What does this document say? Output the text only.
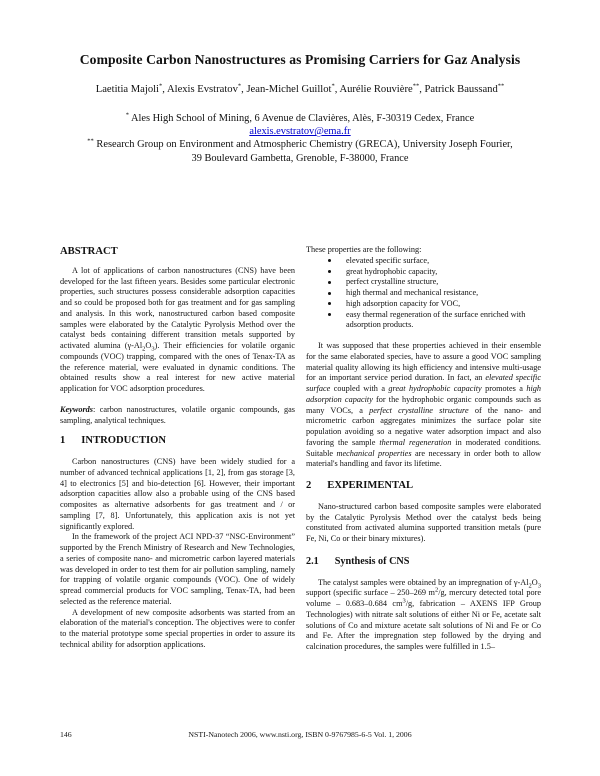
Composite Carbon Nanostructures as Promising Carriers for Gaz Analysis
Laetitia Majoli*, Alexis Evstratov*, Jean-Michel Guillot*, Aurélie Rouvière**, Patrick Baussand**
* Ales High School of Mining, 6 Avenue de Clavières, Alès, F-30319 Cedex, France
alexis.evstratov@ema.fr
** Research Group on Environment and Atmospheric Chemistry (GRECA), University Joseph Fourier,
39 Boulevard Gambetta, Grenoble, F-38000, France

ABSTRACT

A lot of applications of carbon nanostructures (CNS) have been developed for the last fifteen years. Besides some particular electronic properties, such structures possess considerable adsorption capacities and so could be proposed both for gas treatment and for gas sampling and analysis. In this work, nanostructured carbon based composite samples were elaborated by the Catalytic Pyrolysis Method over the catalyst beds containing different transition metals supported by activated alumina $(\gamma-Al_2O_3)$. Their efficiencies for volatile organic compounds (VOC) trapping, compared with the ones of Tenax-TA as the reference material, were evaluated in dynamic conditions. The obtained results show a real interest for new active material application for VOC adsorption procedures.

Keywords: carbon nanostructures, volatile organic compounds, gas sampling, analytical techniques.

1 INTRODUCTION

Carbon nanostructures (CNS) have been widely studied for a number of advanced technical applications [1, 2], from gas storage [3, 4] to electronics [5] and bio-detection [6]. However, their important adsorption capacities allow also a probable using of the CNS based composites as alternative adsorbents for gas treatment and / or sampling [7, 8]. Unfortunately, this application axis is not yet significantly explored.

In the framework of the project ACI NPD-37 “NSC-Environment” supported by the French Ministry of Research and New Technologies, a series of composite nano- and micrometric carbon layered materials was developed in order to test them for air pollution sampling, namely for trapping of volatile organic compounds (VOC). One of widely spread commercial products for VOC sampling, Tenax-TA, had been selected as the reference material.

A development of new composite adsorbents was started from an elaboration of the material's conception. The objectives were to confer to the material prototype some special properties in order to assure its technical ability for adsorption applications.

These properties are the following:

elevated specific surface,
great hydrophobic capacity,
perfect crystalline structure,
high thermal and mechanical resistance,
high adsorption capacity for VOC,
easy thermal regeneration of the surface enriched with adsorption products.

It was supposed that these properties achieved in their ensemble for the same elaborated species, have to assure a good VOC sampling material quality allowing its high efficiency and intensive multi-usage for an important service period duration. In fact, an elevated specific surface coupled with a great hydrophobic capacity promotes a high adsorption capacity for the hydrophobic organic compounds such as many VOCs, a perfect crystalline structure of the nano- and micrometric carbon aggregates minimizes the surface polar site population avoiding so a negative water adsorption impact and also favoring the sample thermal regeneration in moderated conditions. Suitable mechanical properties are necessary in order both to allow material's handling and favor its lifetime.

2 EXPERIMENTAL

Nano-structured carbon based composite samples were elaborated by the Catalytic Pyrolysis Method over the catalyst beds being constituted from activated alumina supported transition metals (pure Fe, Ni, Co or their binary mixtures).

2.1 Synthesis of CNS

The catalyst samples were obtained by an impregnation of $\gamma-Al_2O_3$ support (specific surface – 250–269 $m^2/g$, mercury detected total pore volume – 0.683–0.684 $cm^3/g$, fabrication – AXENS IFP Group Technologies) with nitrate salt solutions of either Ni or Fe, acetate salt solutions of Co and mixture acetate salt solutions of Ni and Fe or Co and Fe. After the impregnation step followed by the drying and calcination procedures, the samples were fulfilled in 1.5–

146	NSTI-Nanotech 2006, www.nsti.org, ISBN 0-9767985-6-5 Vol. 1, 2006
